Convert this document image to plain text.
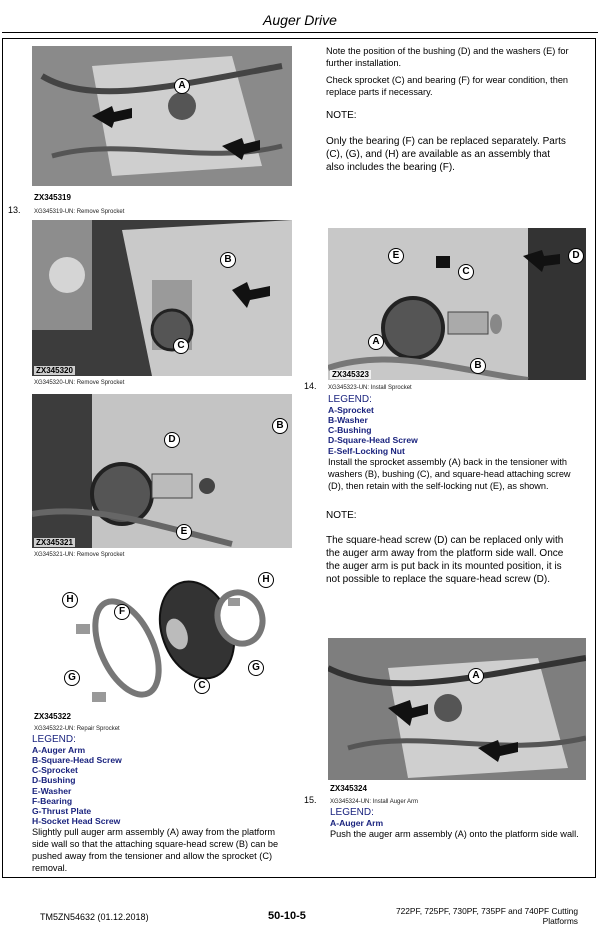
Auger Drive
A
ZX345319
13. XG345319-UN: Remove Sprocket
B
C
ZX345320
XG345320-UN: Remove Sprocket
B
D
E
ZX345321
XG345321-UN: Remove Sprocket
H
F
H
G
G
C
ZX345322
XG345322-UN: Repair Sprocket
LEGEND:
A-Auger Arm
B-Square-Head Screw
C-Sprocket
D-Bushing
E-Washer
F-Bearing
G-Thrust Plate
H-Socket Head Screw
Slightly pull auger arm assembly (A) away from the platform
side wall so that the attaching square-head screw (B) can be
pushed away from the tensioner and allow the sprocket (C)
removal.
Note the position of the bushing (D) and the washers (E) for
further installation.
Check sprocket (C) and bearing (F) for wear condition, then
replace parts if necessary.
NOTE:
Only the bearing (F) can be replaced separately. Parts
(C), (G), and (H) are available as an assembly that
also includes the bearing (F).
E	D
C
A
B
ZX345323
14. XG345323-UN: Install Sprocket
LEGEND:
A-Sprocket
B-Washer
C-Bushing
D-Square-Head Screw
E-Self-Locking Nut
Install the sprocket assembly (A) back in the tensioner with
washers (B), bushing (C), and square-head attaching screw
(D), then retain with the self-locking nut (E), as shown.
NOTE:
The square-head screw (D) can be replaced only with
the auger arm away from the platform side wall. Once
the auger arm is put back in its mounted position, it is
not possible to replace the square-head screw (D).
A
ZX345324
15. XG345324-UN: Install Auger Arm
LEGEND:
A-Auger Arm
Push the auger arm assembly (A) onto the platform side wall.
TM5ZN54632 (01.12.2018)	50-10-5	722PF, 725PF, 730PF, 735PF and 740PF Cutting
Platforms
